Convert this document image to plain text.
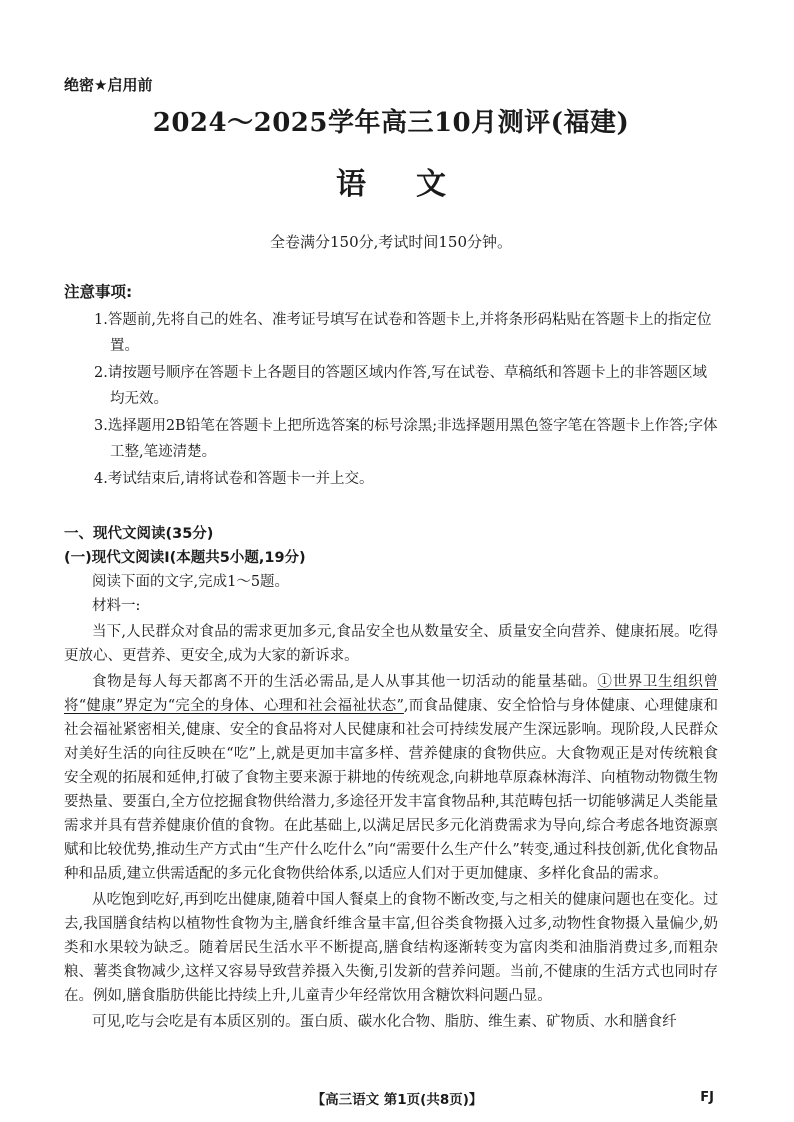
绝密★启用前
2024～2025学年高三10月测评(福建)
语文
全卷满分150分,考试时间150分钟。
注意事项:
1.答题前,先将自己的姓名、准考证号填写在试卷和答题卡上,并将条形码粘贴在答题卡上的指定位置。
2.请按题号顺序在答题卡上各题目的答题区域内作答,写在试卷、草稿纸和答题卡上的非答题区域均无效。
3.选择题用2B铅笔在答题卡上把所选答案的标号涂黑;非选择题用黑色签字笔在答题卡上作答;字体工整,笔迹清楚。
4.考试结束后,请将试卷和答题卡一并上交。
一、现代文阅读(35分)
(一)现代文阅读Ⅰ(本题共5小题,19分)
阅读下面的文字,完成1～5题。
材料一:

当下,人民群众对食品的需求更加多元,食品安全也从数量安全、质量安全向营养、健康拓展。吃得更放心、更营养、更安全,成为大家的新诉求。

食物是每人每天都离不开的生活必需品,是人从事其他一切活动的能量基础。①世界卫生组织曾将“健康”界定为“完全的身体、心理和社会福祉状态”,而食品健康、安全恰恰与身体健康、心理健康和社会福祉紧密相关,健康、安全的食品将对人民健康和社会可持续发展产生深远影响。现阶段,人民群众对美好生活的向往反映在“吃”上,就是更加丰富多样、营养健康的食物供应。大食物观正是对传统粮食安全观的拓展和延伸,打破了食物主要来源于耕地的传统观念,向耕地草原森林海洋、向植物动物微生物要热量、要蛋白,全方位挖掘食物供给潜力,多途径开发丰富食物品种,其范畴包括一切能够满足人类能量需求并具有营养健康价值的食物。在此基础上,以满足居民多元化消费需求为导向,综合考虑各地资源禀赋和比较优势,推动生产方式由“生产什么吃什么”向“需要什么生产什么”转变,通过科技创新,优化食物品种和品质,建立供需适配的多元化食物供给体系,以适应人们对于更加健康、多样化食品的需求。

从吃饱到吃好,再到吃出健康,随着中国人餐桌上的食物不断改变,与之相关的健康问题也在变化。过去,我国膳食结构以植物性食物为主,膳食纤维含量丰富,但谷类食物摄入过多,动物性食物摄入量偏少,奶类和水果较为缺乏。随着居民生活水平不断提高,膳食结构逐渐转变为富肉类和油脂消费过多,而粗杂粮、薯类食物减少,这样又容易导致营养摄入失衡,引发新的营养问题。当前,不健康的生活方式也同时存在。例如,膳食脂肪供能比持续上升,儿童青少年经常饮用含糖饮料问题凸显。

可见,吃与会吃是有本质区别的。蛋白质、碳水化合物、脂肪、维生素、矿物质、水和膳食纤

【高三语文 第1页(共8页)】	FJ
